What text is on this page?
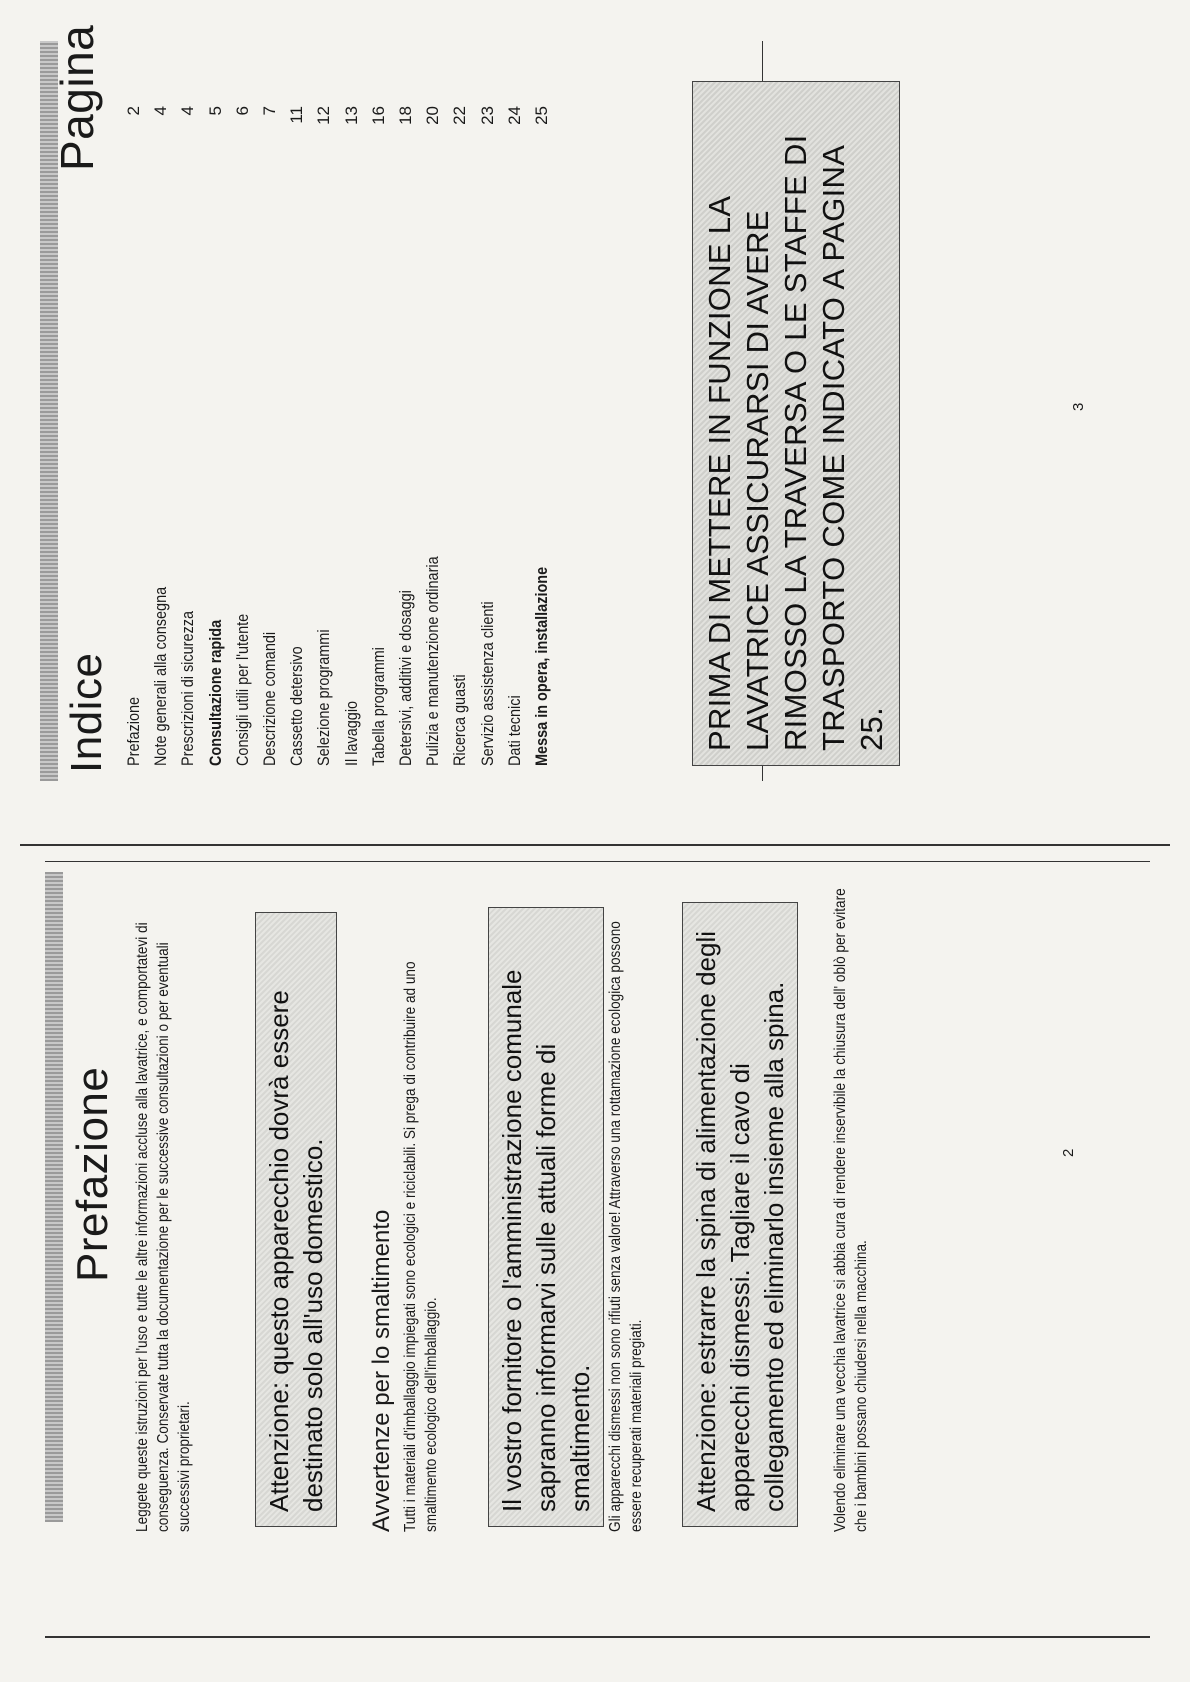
Prefazione Leggete queste istruzioni per l'uso e tutte le altre informazioni accluse alla lavatrice, e comportatevi di conseguenza. Conservate tutta la documentazione per le successive consultazioni o per eventuali successivi proprietari.	Attenzione: questo apparecchio dovrà essere destinato solo all'uso domestico.	Avvertenze per lo smaltimento Tutti i materiali d'imballaggio impiegati sono ecologici e riciclabili. Si prega di contribuire ad uno smaltimento ecologico dell'imballaggio.	Il vostro fornitore o l'amministrazione comunale sapranno informarvi sulle attuali forme di smaltimento. Gli apparecchi dismessi non sono rifiuti senza valore! Attraverso una rottamazione ecologica possono essere recuperati materiali pregiati.	Attenzione: estrarre la spina di alimentazione degli apparecchi dismessi. Tagliare il cavo di collegamento ed eliminarlo insieme alla spina.	Volendo eliminare una vecchia lavatrice si abbia cura di rendere inservibile la chiusura dell' oblò per evitare che i bambini possano chiudersi nella macchina.
2
Indice
Pagina
Prefazione
2
Note generali alla consegna
4
Prescrizioni di sicurezza
4
Consultazione rapida
5
Consigli utili per l'utente
6
Descrizione comandi
7
Cassetto detersivo
11
Selezione programmi
12
Il lavaggio
13
Tabella programmi
16
Detersivi, additivi e dosaggi
18
Pulizia e manutenzione ordinaria
20
Ricerca guasti
22
Servizio assistenza clienti
23
Dati tecnici
24
Messa in opera, installazione
25
PRIMA DI METTERE IN FUNZIONE LA LAVATRICE ASSICURARSI DI AVERE RIMOSSO LA TRAVERSA O LE STAFFE DI TRASPORTO COME INDICATO A PAGINA 25.
3
